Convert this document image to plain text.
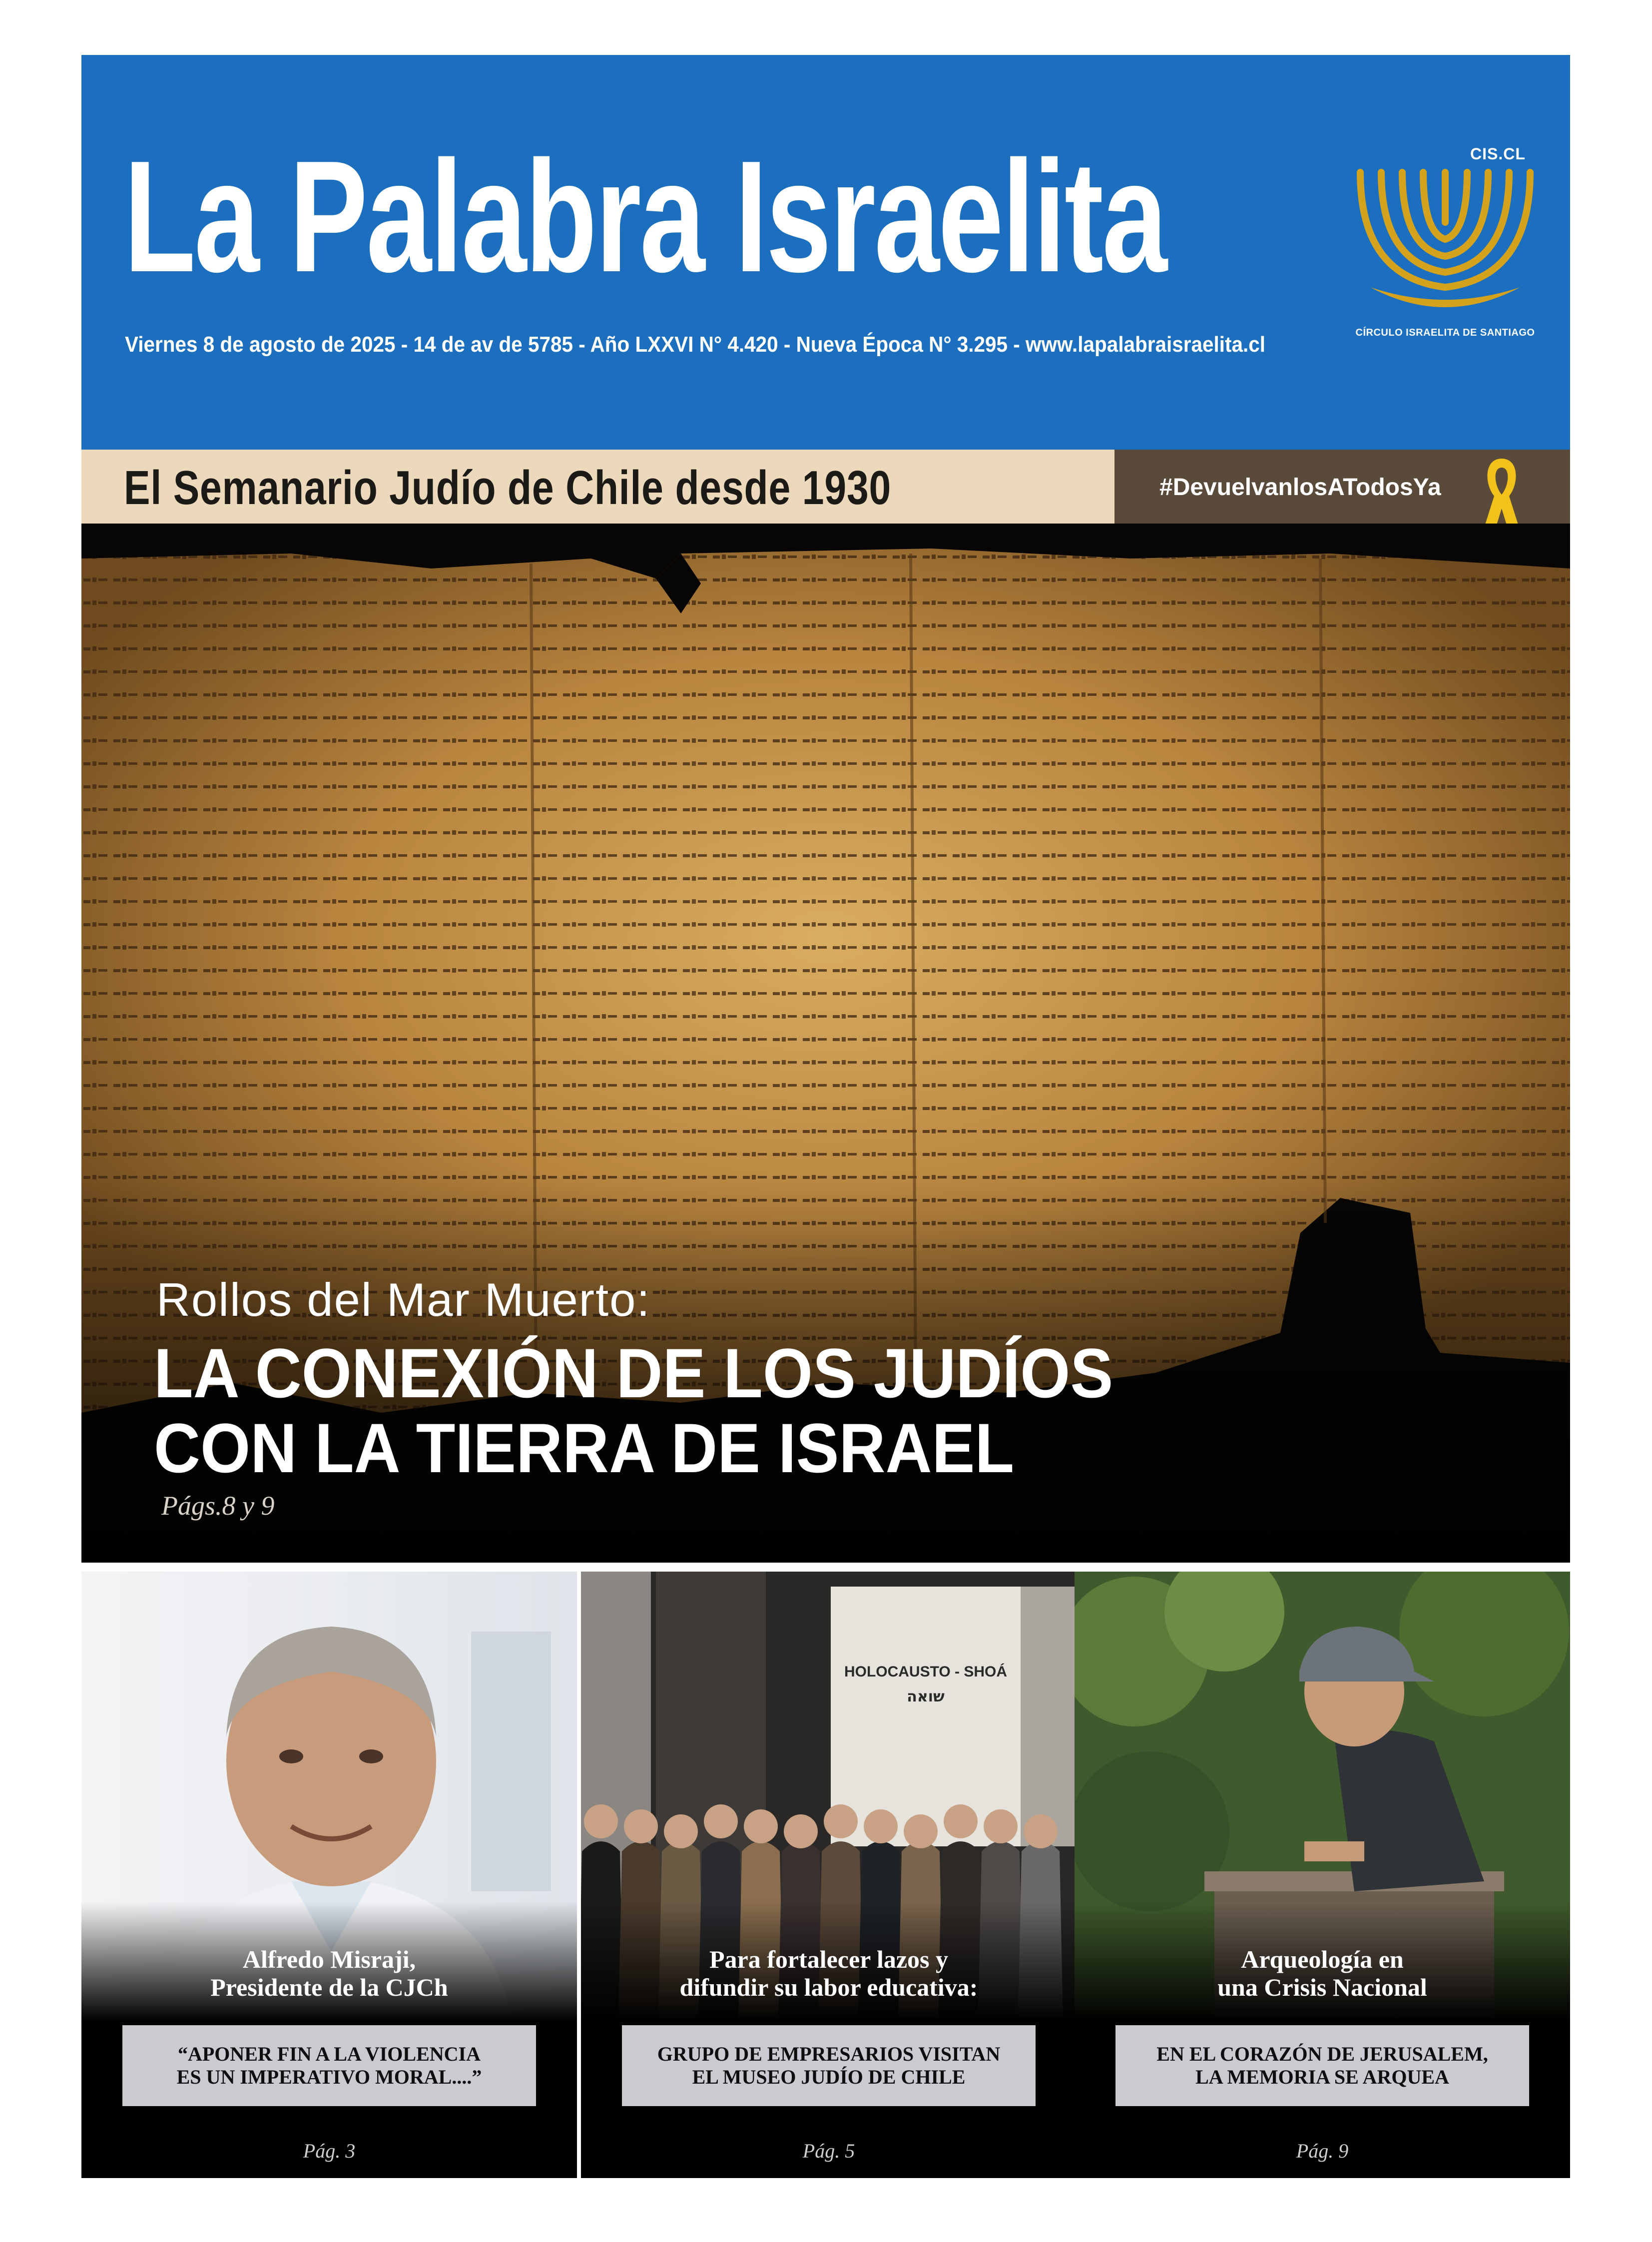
La Palabra Israelita
Viernes 8 de agosto de 2025 - 14 de av de 5785 - Año LXXVI N° 4.420 - Nueva Época N° 3.295 - www.lapalabraisraelita.cl
CIS.CL
CÍRCULO ISRAELITA DE SANTIAGO
El Semanario Judío de Chile desde 1930	#DevuelvanlosATodosYa
Rollos del Mar Muerto:
LA CONEXIÓN DE LOS JUDÍOS
CON LA TIERRA DE ISRAEL
Págs.8 y 9
Alfredo Misraji,
Presidente de la CJCh
“APONER FIN A LA VIOLENCIA
ES UN IMPERATIVO MORAL....”
Pág. 3
HOLOCAUSTO - SHOÁ
שואה
Para fortalecer lazos y
difundir su labor educativa:
GRUPO DE EMPRESARIOS VISITAN
EL MUSEO JUDÍO DE CHILE
Pág. 5
Arqueología en
una Crisis Nacional
EN EL CORAZÓN DE JERUSALEM,
LA MEMORIA SE ARQUEA
Pág. 9
